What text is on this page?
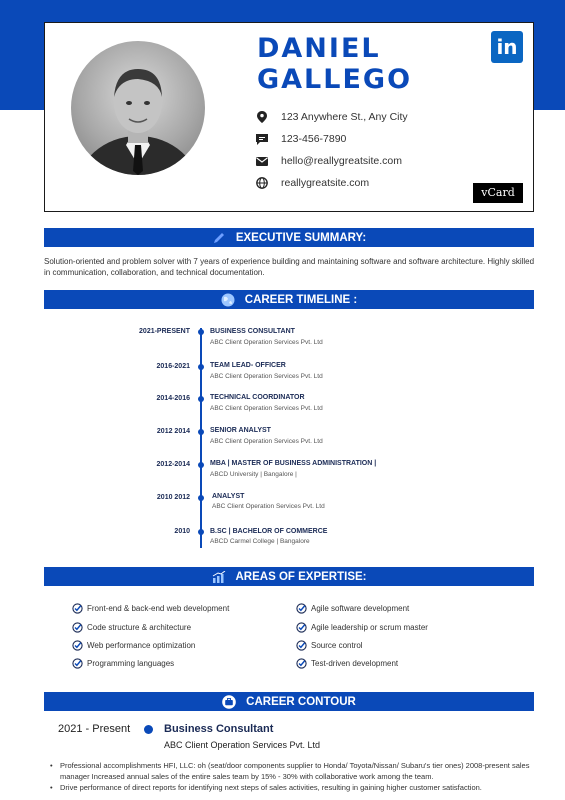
DANIEL
GALLEGO
in
123 Anywhere St., Any City
123-456-7890
hello@reallygreatsite.com
reallygreatsite.com
vCard
EXECUTIVE SUMMARY:
Solution-oriented and problem solver with 7 years of experience building and maintaining software and software architecture. Highly skilled in communication, collaboration, and technical documentation.
CAREER TIMELINE :
2021-PRESENT	BUSINESS CONSULTANT
ABC Client Operation Services Pvt. Ltd
2016-2021	TEAM LEAD- OFFICER
ABC Client Operation Services Pvt. Ltd
2014-2016	TECHNICAL COORDINATOR
ABC Client Operation Services Pvt. Ltd
2012 2014	SENIOR ANALYST
ABC Client Operation Services Pvt. Ltd
2012-2014	MBA | MASTER OF BUSINESS ADMINISTRATION |
ABCD University | Bangalore |
2010 2012	ANALYST
ABC Client Operation Services Pvt. Ltd
2010	B.SC | BACHELOR OF COMMERCE
ABCD Carmel College | Bangalore
AREAS OF EXPERTISE:
Front-end & back-end web development
Code structure & architecture
Web performance optimization
Programming languages
Agile software development
Agile leadership or scrum master
Source control
Test-driven development
CAREER CONTOUR
2021 - Present	Business Consultant
ABC Client Operation Services Pvt. Ltd
• Professional accomplishments HFI, LLC: oh (seat/door components supplier to Honda/ Toyota/Nissan/ Subaru's tier ones) 2008-present sales manager Increased annual sales of the entire sales team by 15% - 30% with collaborative work among the team.
• Drive performance of direct reports for identifying next steps of sales activities, resulting in gaining higher customer satisfaction.
